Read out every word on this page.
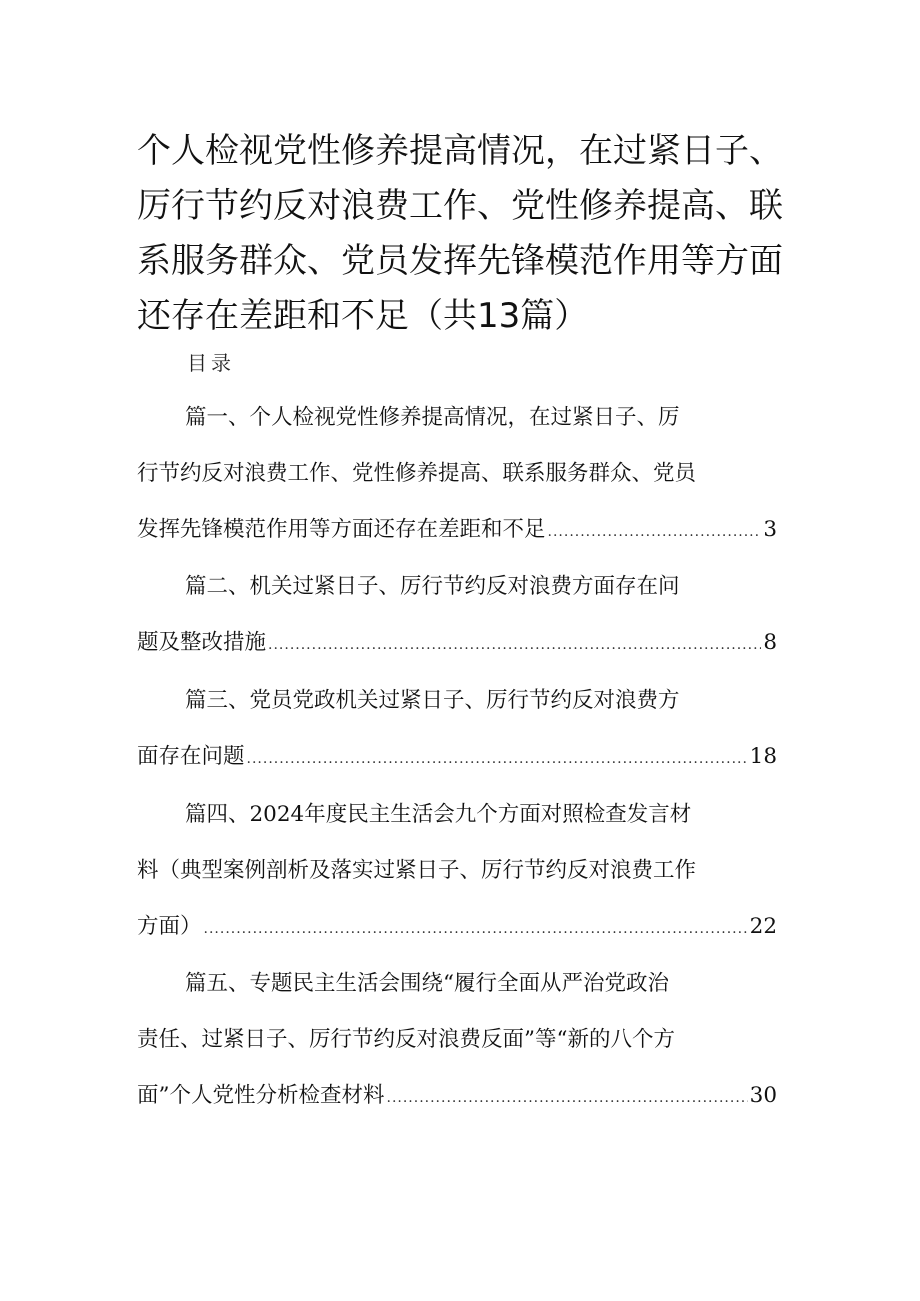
个人检视党性修养提高情况，在过紧日子、厉行节约反对浪费工作、党性修养提高、联系服务群众、党员发挥先锋模范作用等方面还存在差距和不足（共13篇）
目录
篇一、个人检视党性修养提高情况，在过紧日子、厉
行节约反对浪费工作、党性修养提高、联系服务群众、党员
发挥先锋模范作用等方面还存在差距和不足 .....	3
篇二、机关过紧日子、厉行节约反对浪费方面存在问
题及整改措施 .....	8
篇三、党员党政机关过紧日子、厉行节约反对浪费方
面存在问题 .....	18
篇四、2024年度民主生活会九个方面对照检查发言材
料（典型案例剖析及落实过紧日子、厉行节约反对浪费工作
方面） .....	22
篇五、专题民主生活会围绕“履行全面从严治党政治
责任、过紧日子、厉行节约反对浪费反面”等“新的八个方
面”个人党性分析检查材料 .....	30
